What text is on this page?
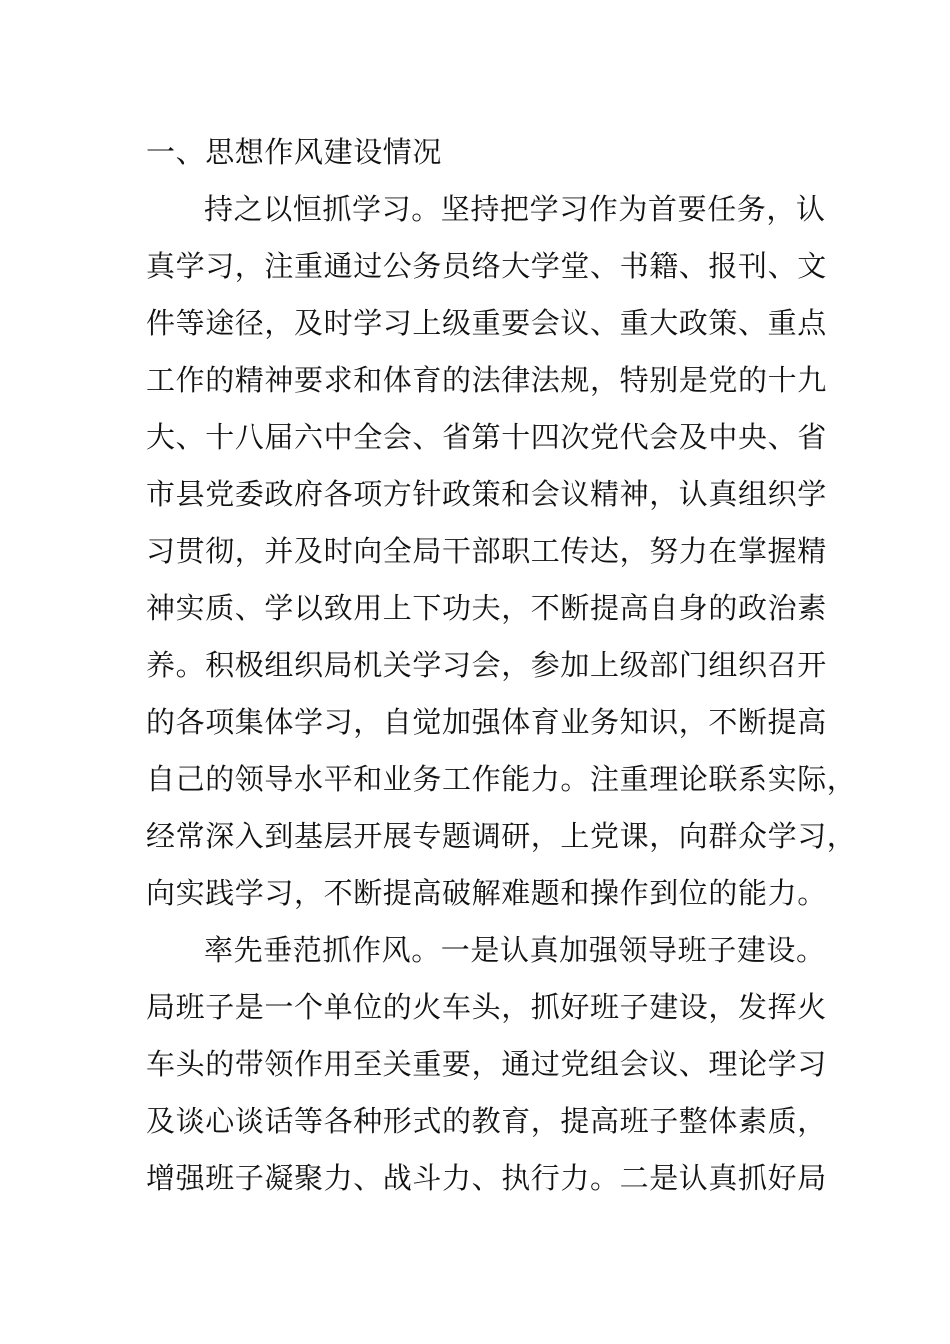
一、思想作风建设情况
持之以恒抓学习。坚持把学习作为首要任务，认
真学习，注重通过公务员络大学堂、书籍、报刊、文
件等途径，及时学习上级重要会议、重大政策、重点
工作的精神要求和体育的法律法规，特别是党的十九
大、十八届六中全会、省第十四次党代会及中央、省
市县党委政府各项方针政策和会议精神，认真组织学
习贯彻，并及时向全局干部职工传达，努力在掌握精
神实质、学以致用上下功夫，不断提高自身的政治素
养。积极组织局机关学习会，参加上级部门组织召开
的各项集体学习，自觉加强体育业务知识，不断提高
自己的领导水平和业务工作能力。注重理论联系实际，
经常深入到基层开展专题调研，上党课，向群众学习，
向实践学习，不断提高破解难题和操作到位的能力。
率先垂范抓作风。一是认真加强领导班子建设。
局班子是一个单位的火车头，抓好班子建设，发挥火
车头的带领作用至关重要，通过党组会议、理论学习
及谈心谈话等各种形式的教育，提高班子整体素质，
增强班子凝聚力、战斗力、执行力。二是认真抓好局
